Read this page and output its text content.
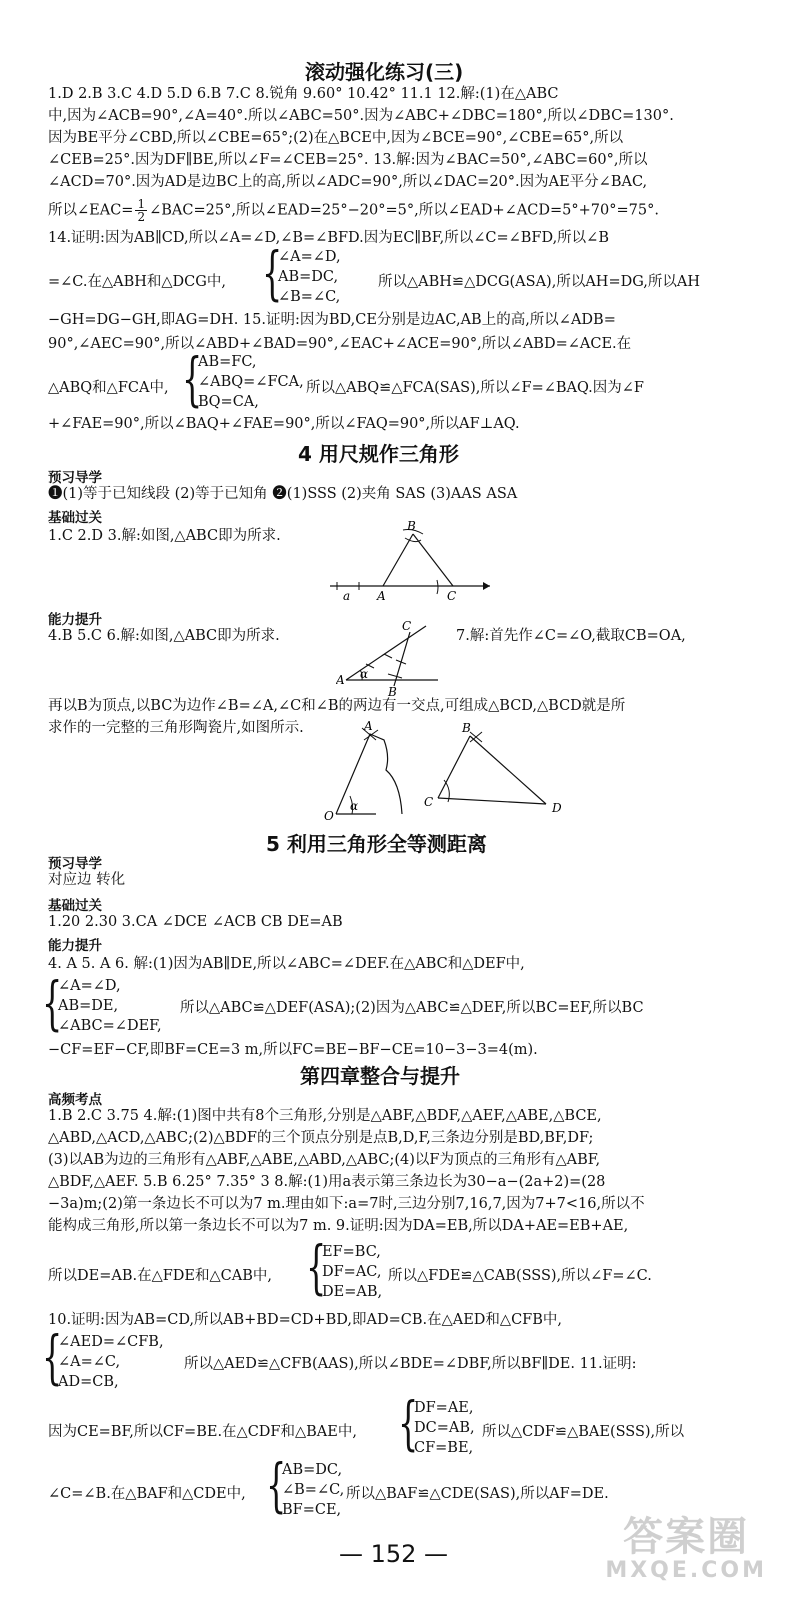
滚动强化练习(三)
1.D 2.B 3.C 4.D 5.D 6.B 7.C 8.锐角 9.60° 10.42° 11.1 12.解:(1)在△ABC
中,因为∠ACB=90°,∠A=40°.所以∠ABC=50°.因为∠ABC+∠DBC=180°,所以∠DBC=130°.
因为BE平分∠CBD,所以∠CBE=65°;(2)在△BCE中,因为∠BCE=90°,∠CBE=65°,所以
∠CEB=25°.因为DF∥BE,所以∠F=∠CEB=25°. 13.解:因为∠BAC=50°,∠ABC=60°,所以
∠ACD=70°.因为AD是边BC上的高,所以∠ADC=90°,所以∠DAC=20°.因为AE平分∠BAC,
所以∠EAC= $\frac{1}{2}$ ∠BAC=25°,所以∠EAD=25°−20°=5°,所以∠EAD+∠ACD=5°+70°=75°.
14.证明:因为AB∥CD,所以∠A=∠D,∠B=∠BFD.因为EC∥BF,所以∠C=∠BFD,所以∠B
=∠C.在△ABH和△DCG中, {
∠A=∠D,
AB=DC,
∠B=∠C,
所以△ABH≌△DCG(ASA),所以AH=DG,所以AH
−GH=DG−GH,即AG=DH. 15.证明:因为BD,CE分别是边AC,AB上的高,所以∠ADB=
90°,∠AEC=90°,所以∠ABD+∠BAD=90°,∠EAC+∠ACE=90°,所以∠ABD=∠ACE.在
△ABQ和△FCA中, {
AB=FC,
∠ABQ=∠FCA,
BQ=CA,
所以△ABQ≌△FCA(SAS),所以∠F=∠BAQ.因为∠F
+∠FAE=90°,所以∠BAQ+∠FAE=90°,所以∠FAQ=90°,所以AF⊥AQ.
4 用尺规作三角形
预习导学
❶(1)等于已知线段 (2)等于已知角 ❷(1)SSS (2)夹角 SAS (3)AAS ASA
基础过关
1.C 2.D 3.解:如图,△ABC即为所求.
a A
B
C
能力提升
4.B 5.C 6.解:如图,△ABC即为所求.
A
C
B
α
7.解:首先作∠C=∠O,截取CB=OA,
再以B为顶点,以BC为边作∠B=∠A,∠C和∠B的两边有一交点,可组成△BCD,△BCD就是所
求作的一完整的三角形陶瓷片,如图所示.
O
A
α	C
B
D
5 利用三角形全等测距离
预习导学
对应边 转化
基础过关
1.20 2.30 3.CA ∠DCE ∠ACB CB DE=AB
能力提升
4. A 5. A 6. 解:(1)因为AB∥DE,所以∠ABC=∠DEF.在△ABC和△DEF中,
{
∠A=∠D,
AB=DE,
∠ABC=∠DEF,
所以△ABC≌△DEF(ASA);(2)因为△ABC≌△DEF,所以BC=EF,所以BC
−CF=EF−CF,即BF=CE=3 m,所以FC=BE−BF−CE=10−3−3=4(m).
第四章整合与提升
高频考点
1.B 2.C 3.75 4.解:(1)图中共有8个三角形,分别是△ABF,△BDF,△AEF,△ABE,△BCE,
△ABD,△ACD,△ABC;(2)△BDF的三个顶点分别是点B,D,F,三条边分别是BD,BF,DF;
(3)以AB为边的三角形有△ABF,△ABE,△ABD,△ABC;(4)以F为顶点的三角形有△ABF,
△BDF,△AEF. 5.B 6.25° 7.35° 3 8.解:(1)用a表示第三条边长为30−a−(2a+2)=(28
−3a)m;(2)第一条边长不可以为7 m.理由如下:a=7时,三边分别7,16,7,因为7+7<16,所以不
能构成三角形,所以第一条边长不可以为7 m. 9.证明:因为DA=EB,所以DA+AE=EB+AE,
所以DE=AB.在△FDE和△CAB中, {
EF=BC,
DF=AC,
DE=AB,
所以△FDE≌△CAB(SSS),所以∠F=∠C.
10.证明:因为AB=CD,所以AB+BD=CD+BD,即AD=CB.在△AED和△CFB中,
{
∠AED=∠CFB,
∠A=∠C,
AD=CB,
所以△AED≌△CFB(AAS),所以∠BDE=∠DBF,所以BF∥DE. 11.证明:
因为CE=BF,所以CF=BE.在△CDF和△BAE中, {
DF=AE,
DC=AB,
CF=BE,
所以△CDF≌△BAE(SSS),所以
∠C=∠B.在△BAF和△CDE中, {
AB=DC,
∠B=∠C,
BF=CE,
所以△BAF≌△CDE(SAS),所以AF=DE.
— 152 —	答案圈
MXQE.COM
